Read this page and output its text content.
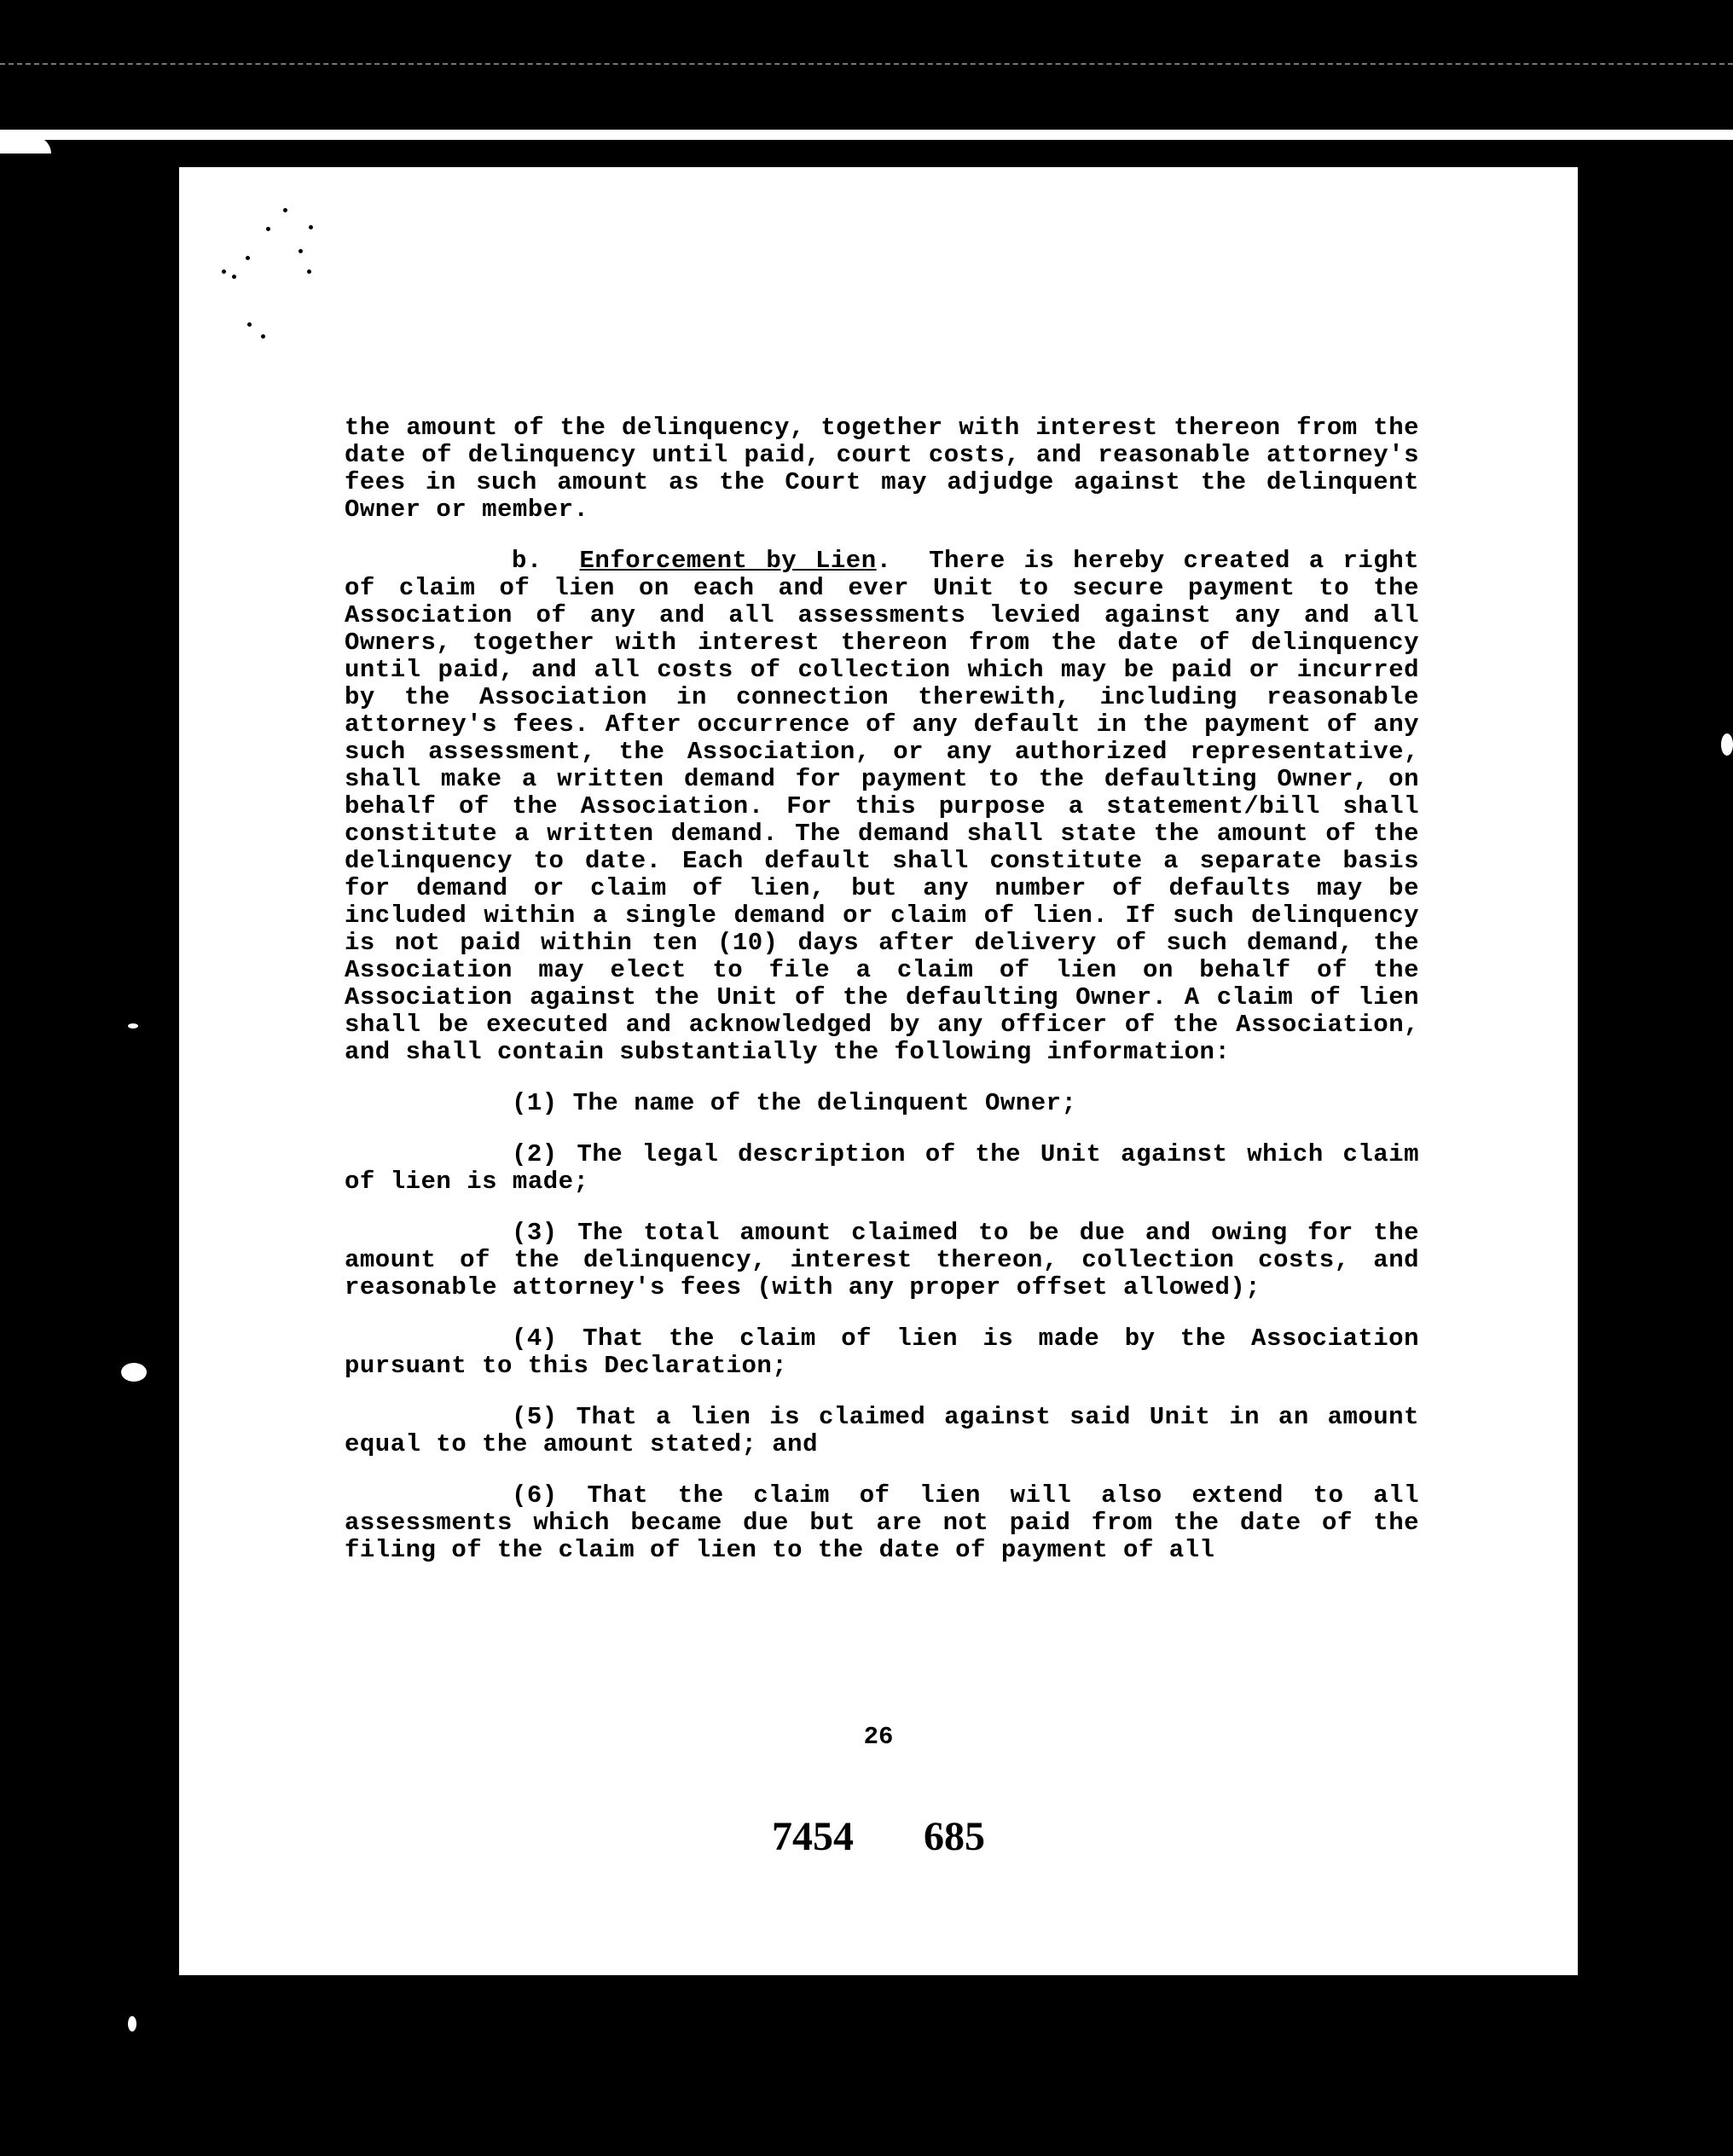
the amount of the delinquency, together with interest thereon from the date of delinquency until paid, court costs, and reasonable attorney's fees in such amount as the Court may adjudge against the delinquent Owner or member.

b. Enforcement by Lien. There is hereby created a right of claim of lien on each and ever Unit to secure payment to the Association of any and all assessments levied against any and all Owners, together with interest thereon from the date of delinquency until paid, and all costs of collection which may be paid or incurred by the Association in connection therewith, including reasonable attorney's fees. After occurrence of any default in the payment of any such assessment, the Association, or any authorized representative, shall make a written demand for payment to the defaulting Owner, on behalf of the Association. For this purpose a statement/bill shall constitute a written demand. The demand shall state the amount of the delinquency to date. Each default shall constitute a separate basis for demand or claim of lien, but any number of defaults may be included within a single demand or claim of lien. If such delinquency is not paid within ten (10) days after delivery of such demand, the Association may elect to file a claim of lien on behalf of the Association against the Unit of the defaulting Owner. A claim of lien shall be executed and acknowledged by any officer of the Association, and shall contain substantially the following information:

(1) The name of the delinquent Owner;

(2) The legal description of the Unit against which claim of lien is made;

(3) The total amount claimed to be due and owing for the amount of the delinquency, interest thereon, collection costs, and reasonable attorney's fees (with any proper offset allowed);

(4) That the claim of lien is made by the Association pursuant to this Declaration;

(5) That a lien is claimed against said Unit in an amount equal to the amount stated; and

(6) That the claim of lien will also extend to all assessments which became due but are not paid from the date of the filing of the claim of lien to the date of payment of all

26
7454 685
